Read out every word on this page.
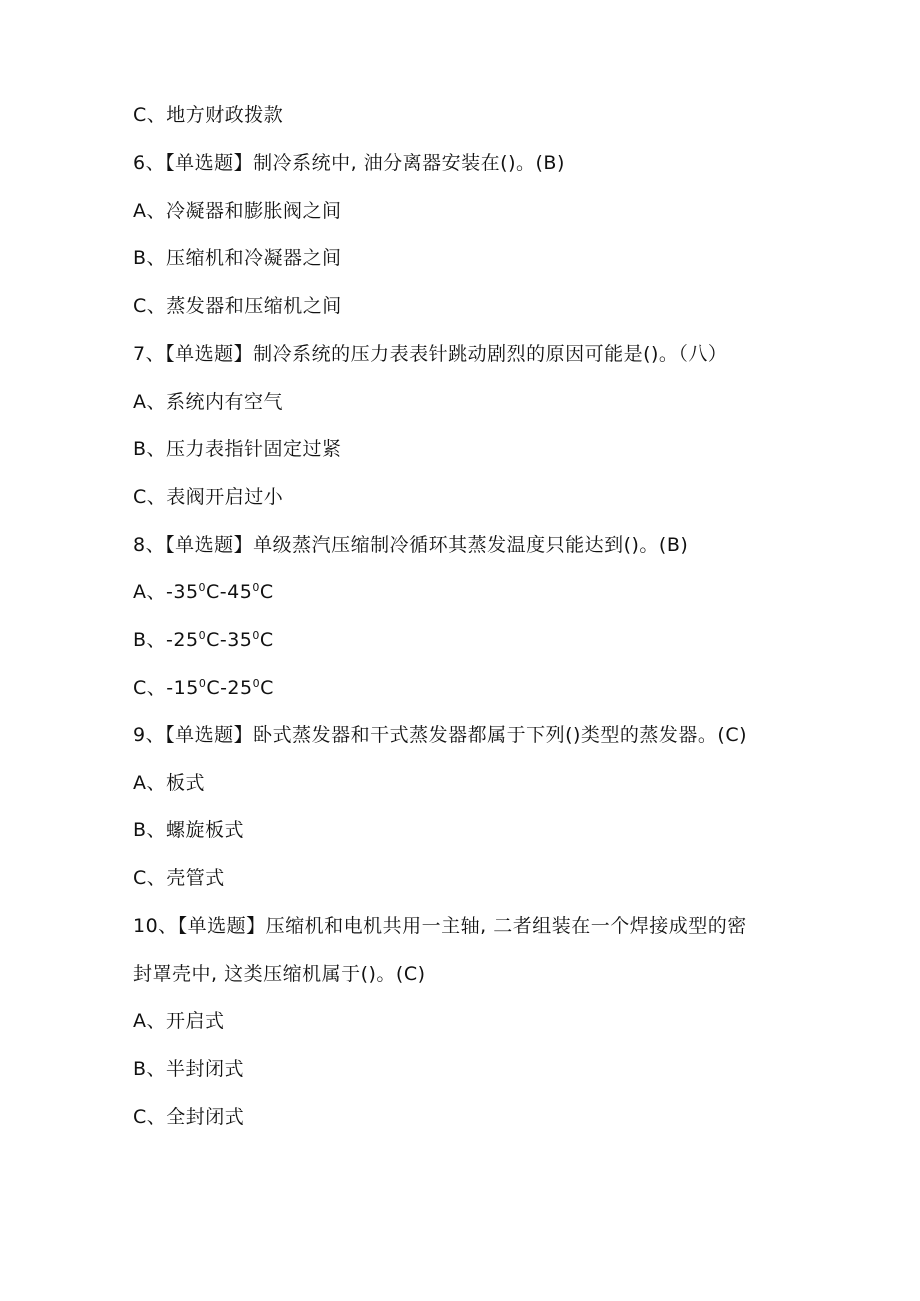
C、地方财政拨款
6、【单选题】制冷系统中, 油分离器安装在()。(B)
A、冷凝器和膨胀阀之间
B、压缩机和冷凝器之间
C、蒸发器和压缩机之间
7、【单选题】制冷系统的压力表表针跳动剧烈的原因可能是()。（八）
A、系统内有空气
B、压力表指针固定过紧
C、表阀开启过小
8、【单选题】单级蒸汽压缩制冷循环其蒸发温度只能达到()。(B)
A、$-35^0C-45^0C$
B、$-25^0C-35^0C$
C、$-15^0C-25^0C$
9、【单选题】卧式蒸发器和干式蒸发器都属于下列()类型的蒸发器。(C)
A、板式
B、螺旋板式
C、壳管式
10、【单选题】压缩机和电机共用一主轴, 二者组装在一个焊接成型的密
封罩壳中, 这类压缩机属于()。(C)
A、开启式
B、半封闭式
C、全封闭式
